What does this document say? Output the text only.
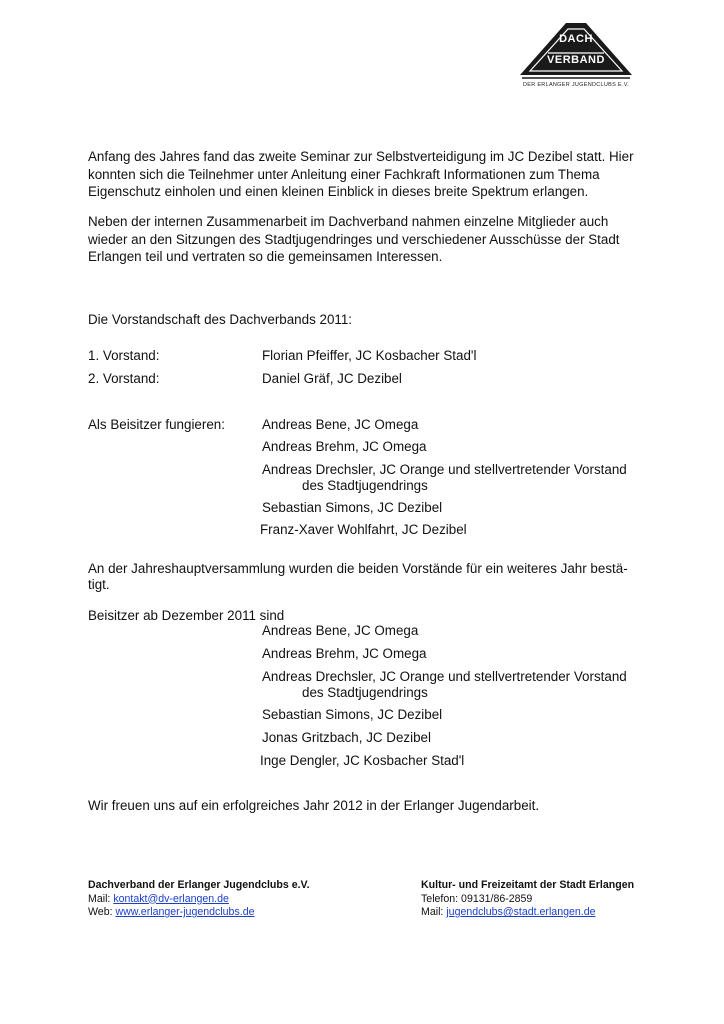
DACH
VERBAND
DER ERLANGER JUGENDCLUBS E.V.

Anfang des Jahres fand das zweite Seminar zur Selbstverteidigung im JC Dezibel statt. Hier konnten sich die Teilnehmer unter Anleitung einer Fachkraft Informationen zum Thema Eigenschutz einholen und einen kleinen Einblick in dieses breite Spektrum erlangen.

Neben der internen Zusammenarbeit im Dachverband nahmen einzelne Mitglieder auch wieder an den Sitzungen des Stadtjugendringes und verschiedener Ausschüsse der Stadt Erlangen teil und vertraten so die gemeinsamen Interessen.

Die Vorstandschaft des Dachverbands 2011:
1. Vorstand:	Florian Pfeiffer, JC Kosbacher Stad'l
2. Vorstand:	Daniel Gräf, JC Dezibel
Als Beisitzer fungieren:	Andreas Bene, JC Omega
Andreas Brehm, JC Omega
Andreas Drechsler, JC Orange und stellvertretender Vorstand
des Stadtjugendrings
Sebastian Simons, JC Dezibel
Franz-Xaver Wohlfahrt, JC Dezibel
An der Jahreshauptversammlung wurden die beiden Vorstände für ein weiteres Jahr bestä-
tigt.
Beisitzer ab Dezember 2011 sind
Andreas Bene, JC Omega
Andreas Brehm, JC Omega
Andreas Drechsler, JC Orange und stellvertretender Vorstand
des Stadtjugendrings
Sebastian Simons, JC Dezibel
Jonas Gritzbach, JC Dezibel
Inge Dengler, JC Kosbacher Stad'l
Wir freuen uns auf ein erfolgreiches Jahr 2012 in der Erlanger Jugendarbeit.
Dachverband der Erlanger Jugendclubs e.V.
Mail: kontakt@dv-erlangen.de
Web: www.erlanger-jugendclubs.de
Kultur- und Freizeitamt der Stadt Erlangen
Telefon: 09131/86-2859
Mail: jugendclubs@stadt.erlangen.de
